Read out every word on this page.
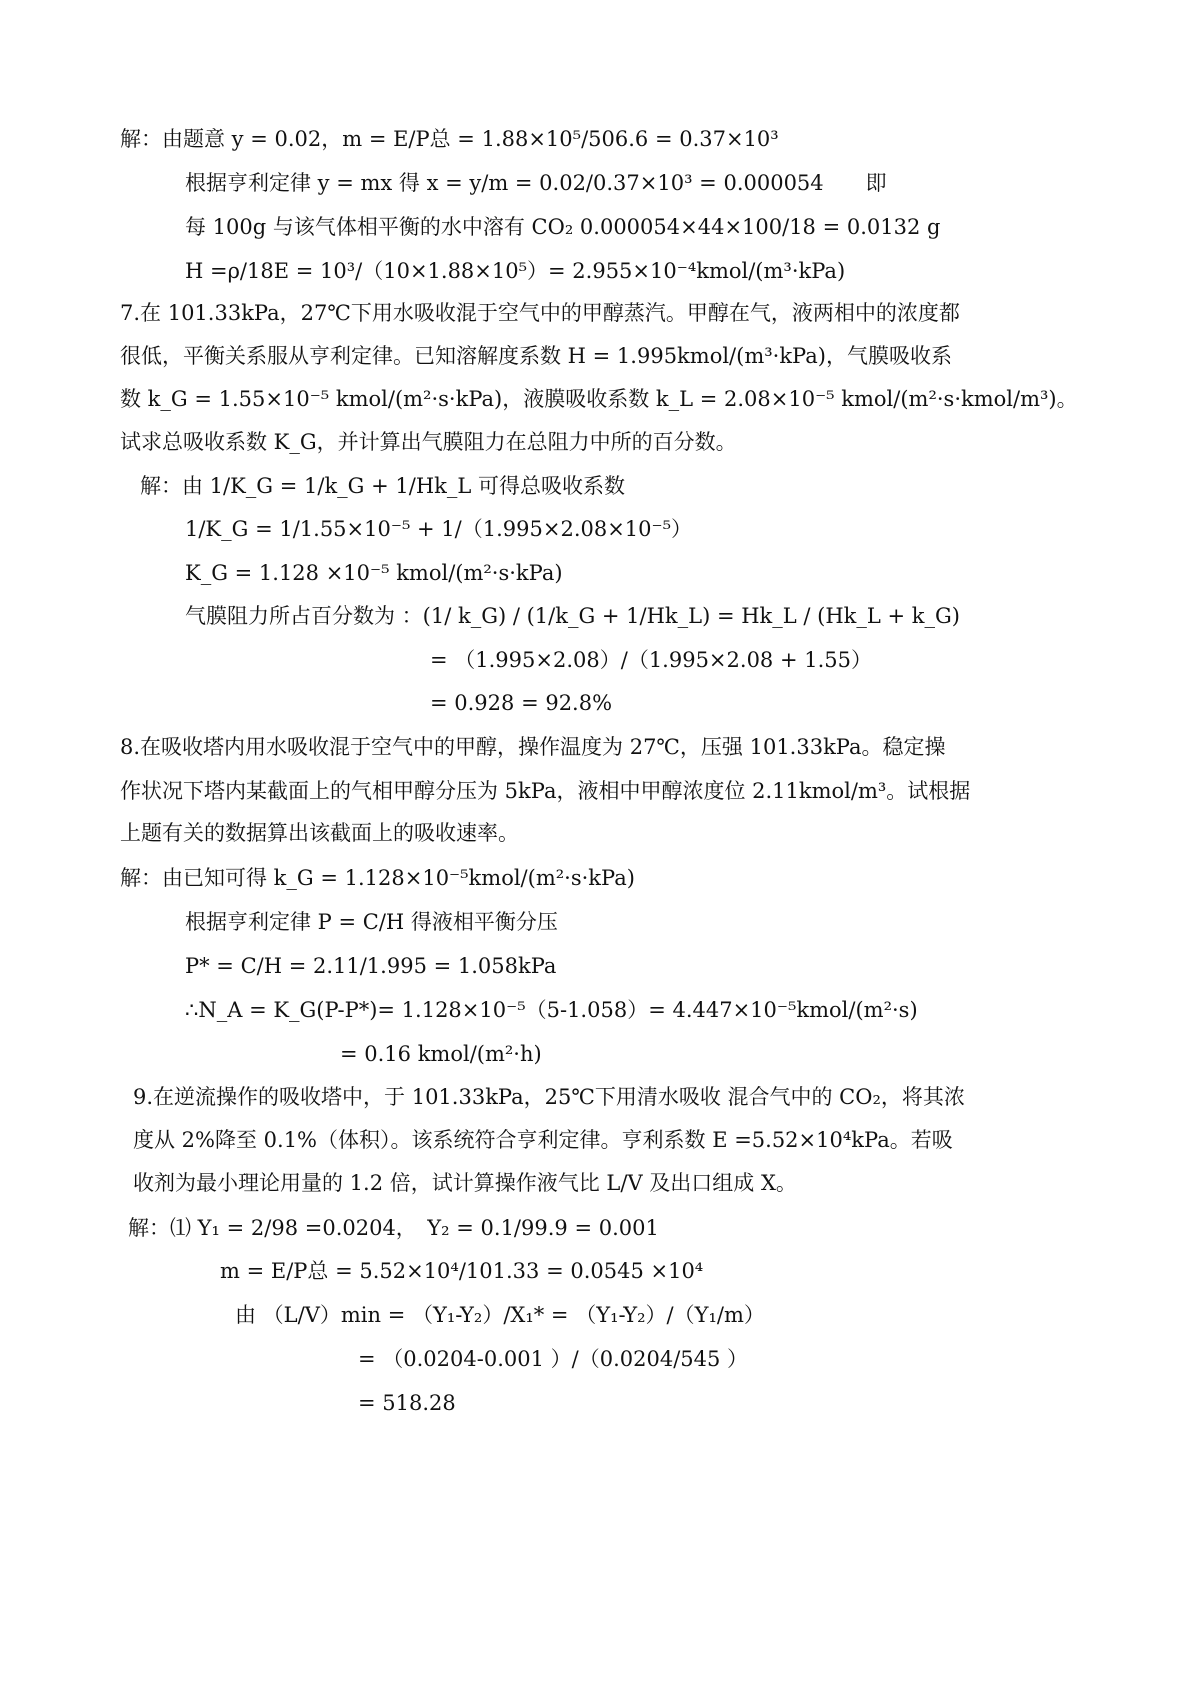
解：由题意 y = 0.02，m = E/P总 = 1.88×10⁵/506.6 = 0.37×10³
根据亨利定律 y = mx 得 x = y/m = 0.02/0.37×10³ = 0.000054　　即
每 100g 与该气体相平衡的水中溶有 CO₂ 0.000054×44×100/18 = 0.0132 g
H =ρ/18E = 10³/（10×1.88×10⁵）= 2.955×10⁻⁴kmol/(m³·kPa)
7.在 101.33kPa，27℃下用水吸收混于空气中的甲醇蒸汽。甲醇在气，液两相中的浓度都
很低，平衡关系服从亨利定律。已知溶解度系数 H = 1.995kmol/(m³·kPa)，气膜吸收系
数 k_G = 1.55×10⁻⁵ kmol/(m²·s·kPa)，液膜吸收系数 k_L = 2.08×10⁻⁵ kmol/(m²·s·kmol/m³)。
试求总吸收系数 K_G，并计算出气膜阻力在总阻力中所的百分数。
解：由 1/K_G = 1/k_G + 1/Hk_L 可得总吸收系数
1/K_G = 1/1.55×10⁻⁵ + 1/（1.995×2.08×10⁻⁵）
K_G = 1.128 ×10⁻⁵ kmol/(m²·s·kPa)
气膜阻力所占百分数为 ：(1/ k_G) / (1/k_G + 1/Hk_L) = Hk_L / (Hk_L + k_G)
= （1.995×2.08）/（1.995×2.08 + 1.55）
= 0.928 = 92.8%
8.在吸收塔内用水吸收混于空气中的甲醇，操作温度为 27℃，压强 101.33kPa。稳定操
作状况下塔内某截面上的气相甲醇分压为 5kPa，液相中甲醇浓度位 2.11kmol/m³。试根据
上题有关的数据算出该截面上的吸收速率。
解：由已知可得 k_G = 1.128×10⁻⁵kmol/(m²·s·kPa)
根据亨利定律 P = C/H 得液相平衡分压
P* = C/H = 2.11/1.995 = 1.058kPa
∴N_A = K_G(P-P*)= 1.128×10⁻⁵（5-1.058）= 4.447×10⁻⁵kmol/(m²·s)
= 0.16 kmol/(m²·h)
9.在逆流操作的吸收塔中，于 101.33kPa，25℃下用清水吸收 混合气中的 CO₂，将其浓
度从 2%降至 0.1%（体积）。该系统符合亨利定律。亨利系数 E =5.52×10⁴kPa。若吸
收剂为最小理论用量的 1.2 倍，试计算操作液气比 L/V 及出口组成 X。
解：⑴ Y₁ = 2/98 =0.0204，　Y₂ = 0.1/99.9 = 0.001
m = E/P总 = 5.52×10⁴/101.33 = 0.0545 ×10⁴
由 （L/V）min = （Y₁-Y₂）/X₁* = （Y₁-Y₂）/（Y₁/m）
= （0.0204-0.001 ）/（0.0204/545 ）
= 518.28
